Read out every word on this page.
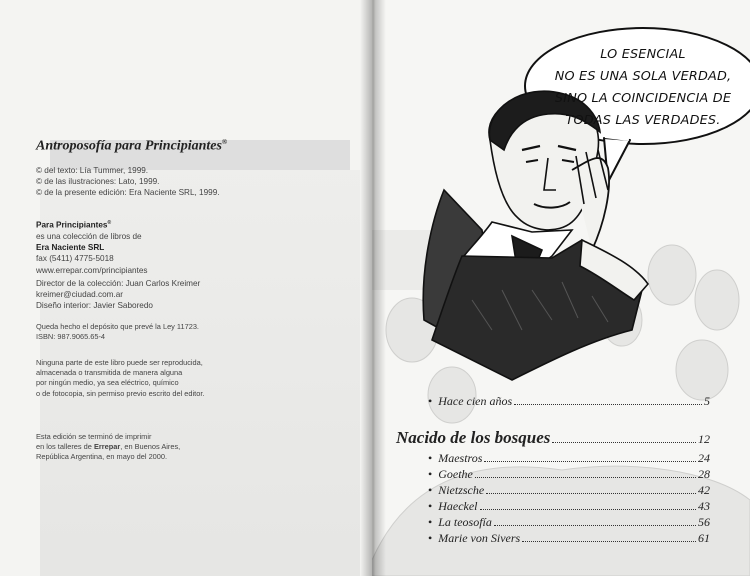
Antroposofía para Principiantes®

© del texto: Lía Tummer, 1999.

© de las ilustraciones: Lato, 1999.

© de la presente edición: Era Naciente SRL, 1999.

Para Principiantes®

es una colección de libros de

Era Naciente SRL

fax (5411) 4775-5018

www.errepar.com/principiantes

Director de la colección: Juan Carlos Kreimer

kreimer@ciudad.com.ar

Diseño interior: Javier Saboredo

Queda hecho el depósito que prevé la Ley 11723.

ISBN: 987.9065.65-4

Ninguna parte de este libro puede ser reproducida,

almacenada o transmitida de manera alguna

por ningún medio, ya sea eléctrico, químico

o de fotocopia, sin permiso previo escrito del editor.

Esta edición se terminó de imprimir

en los talleres de Errepar, en Buenos Aires,

República Argentina, en mayo del 2000.

LO ESENCIAL
NO ES UNA SOLA VERDAD,
SINO LA COINCIDENCIA DE
TODAS LAS VERDADES.
• Hace cien años	5
Nacido de los bosques	12
• Maestros	24
• Goethe	28
• Nietzsche	42
• Haeckel	43
• La teosofía	56
• Marie von Sivers	61
